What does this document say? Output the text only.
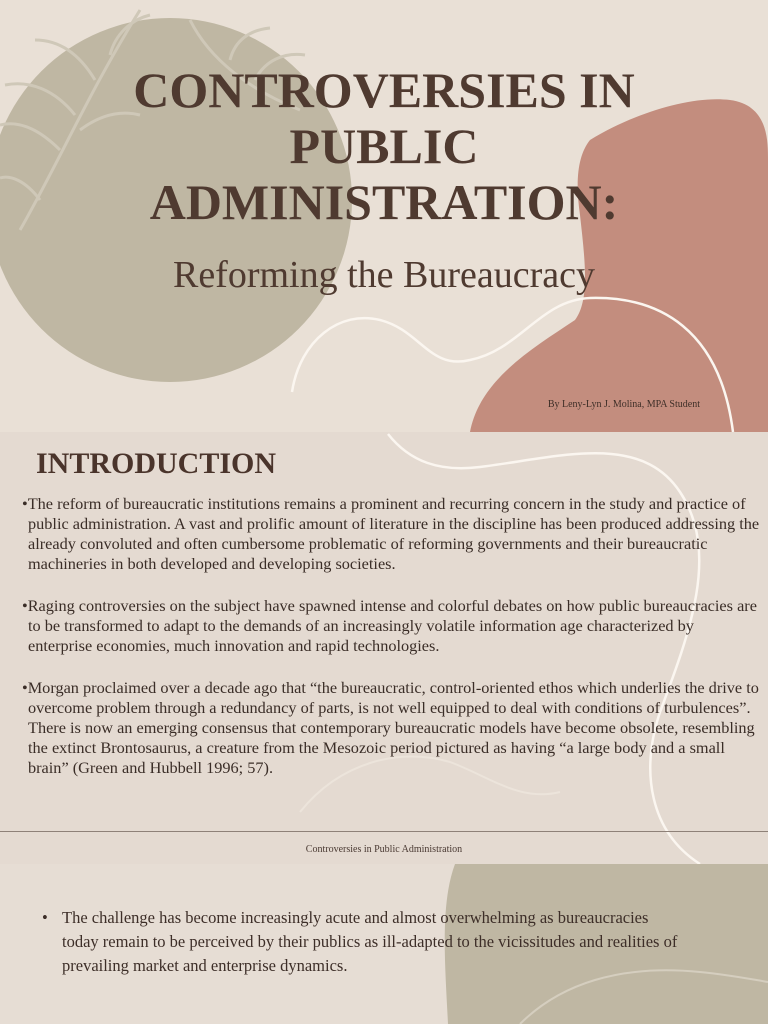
CONTROVERSIES IN
PUBLIC
ADMINISTRATION:
Reforming the Bureaucracy
By Leny-Lyn J. Molina, MPA Student
INTRODUCTION

•The reform of bureaucratic institutions remains a prominent and recurring concern in the study and practice of public administration. A vast and prolific amount of literature in the discipline has been produced addressing the already convoluted and often cumbersome problematic of reforming governments and their bureaucratic machineries in both developed and developing societies.

•Raging controversies on the subject have spawned intense and colorful debates on how public bureaucracies are to be transformed to adapt to the demands of an increasingly volatile information age characterized by enterprise economies, much innovation and rapid technologies.

•Morgan proclaimed over a decade ago that “the bureaucratic, control-oriented ethos which underlies the drive to overcome problem through a redundancy of parts, is not well equipped to deal with conditions of turbulences”. There is now an emerging consensus that contemporary bureaucratic models have become obsolete, resembling the extinct Brontosaurus, a creature from the Mesozoic period pictured as having “a large body and a small brain” (Green and Hubbell 1996; 57).

Controversies in Public Administration
• The challenge has become increasingly acute and almost overwhelming as bureaucracies today remain to be perceived by their publics as ill-adapted to the vicissitudes and realities of prevailing market and enterprise dynamics.
